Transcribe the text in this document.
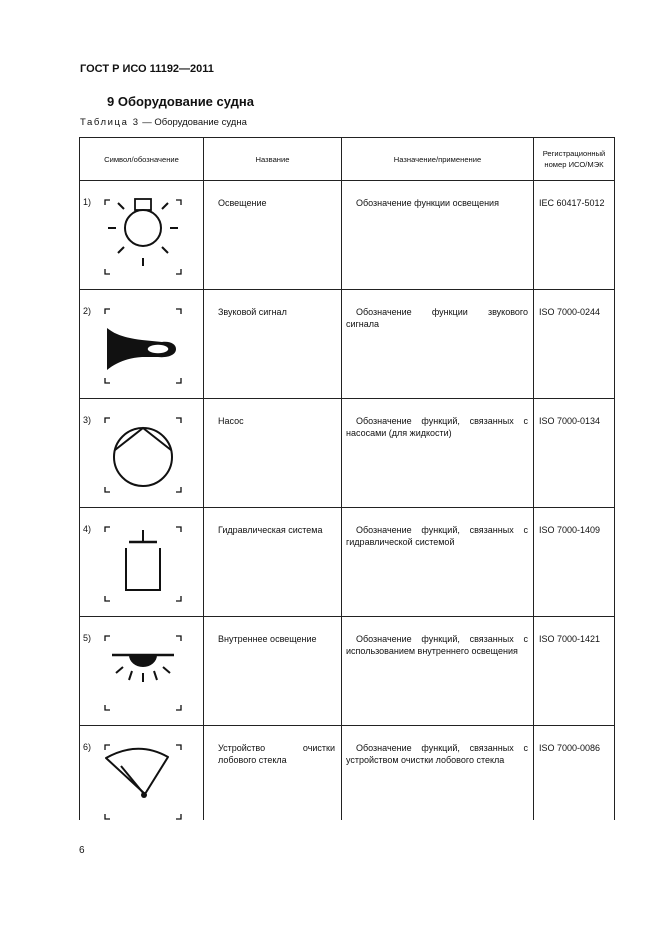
ГОСТ Р ИСО 11192—2011
9 Оборудование судна
Таблица 3 — Оборудование судна
Символ/обозначение	Название	Назначение/применение	Регистрационный номер ИСО/МЭК

1)	Освещение	Обозначение функции освещения	IEC 60417-5012

2)	Звуковой сигнал	Обозначение функции звукового сигнала	ISO 7000-0244

3)	Насос	Обозначение функций, связанных с насосами (для жидкости)	ISO 7000-0134

4)	Гидравлическая система	Обозначение функций, связанных с гидравлической системой	ISO 7000-1409

5)	Внутреннее освещение	Обозначение функций, связанных с использованием внутреннего освещения	ISO 7000-1421

6)	Устройство очистки лобового стекла	Обозначение функций, связанных с устройством очистки лобового стекла	ISO 7000-0086
6
